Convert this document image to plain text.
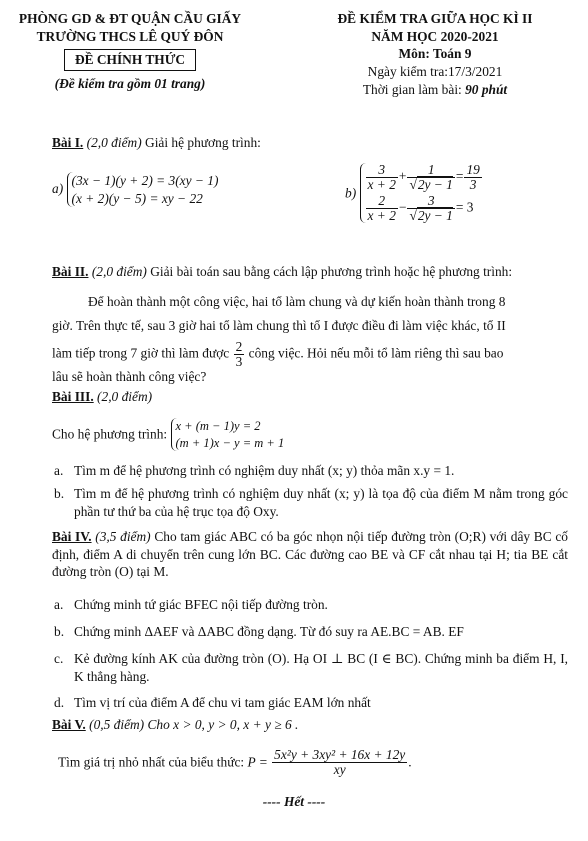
PHÒNG GD & ĐT QUẬN CẦU GIẤY
TRƯỜNG THCS LÊ QUÝ ĐÔN
ĐỀ CHÍNH THỨC
(Đề kiểm tra gồm 01 trang)
ĐỀ KIỂM TRA GIỮA HỌC KÌ II
NĂM HỌC 2020-2021
Môn: Toán 9
Ngày kiểm tra:17/3/2021
Thời gian làm bài: 90 phút
Bài I. (2,0 điểm) Giải hệ phương trình:
a)
(3x − 1)(y + 2) = 3(xy − 1)
(x + 2)(y − 5) = xy − 22	b)
$\frac{3}{x + 2} + \frac{1}{√2y - 1} = \frac{19}{3}$
$\frac{2}{x + 2} - \frac{3}{√2y - 1} = 3$
Bài II. (2,0 điểm) Giải bài toán sau bằng cách lập phương trình hoặc hệ phương trình:
Để hoàn thành một công việc, hai tổ làm chung và dự kiến hoàn thành trong 8
giờ. Trên thực tế, sau 3 giờ hai tổ làm chung thì tổ I được điều đi làm việc khác, tổ II
làm tiếp trong 7 giờ thì làm được $\frac{2}{3}$ công việc. Hỏi nếu mỗi tổ làm riêng thì sau bao
lâu sẽ hoàn thành công việc?
Bài III. (2,0 điểm)
Cho hệ phương trình:
x + (m − 1)y = 2
(m + 1)x − y = m + 1
a. Tìm m để hệ phương trình có nghiệm duy nhất (x; y) thỏa mãn x.y = 1.
b. Tìm m để hệ phương trình có nghiệm duy nhất (x; y) là tọa độ của điểm M nằm trong góc phần tư thứ ba của hệ trục tọa độ Oxy.
Bài IV. (3,5 điểm) Cho tam giác ABC có ba góc nhọn nội tiếp đường tròn (O;R) với dây BC cố định, điểm A di chuyển trên cung lớn BC. Các đường cao BE và CF cắt nhau tại H; tia BE cắt đường tròn (O) tại M.
a. Chứng minh tứ giác BFEC nội tiếp đường tròn.
b. Chứng minh ΔAEF và ΔABC đồng dạng. Từ đó suy ra AE.BC = AB. EF
c. Kẻ đường kính AK của đường tròn (O). Hạ OI ⊥ BC (I ∈ BC). Chứng minh ba điểm H, I, K thẳng hàng.
d. Tìm vị trí của điểm A để chu vi tam giác EAM lớn nhất
Bài V. (0,5 điểm) Cho x > 0, y > 0, x + y ≥ 6 .
Tìm giá trị nhỏ nhất của biểu thức: $P = \frac{\text{5x²y + 3xy² + 16x + 12y}}{xy}$ .
---- Hết ----
